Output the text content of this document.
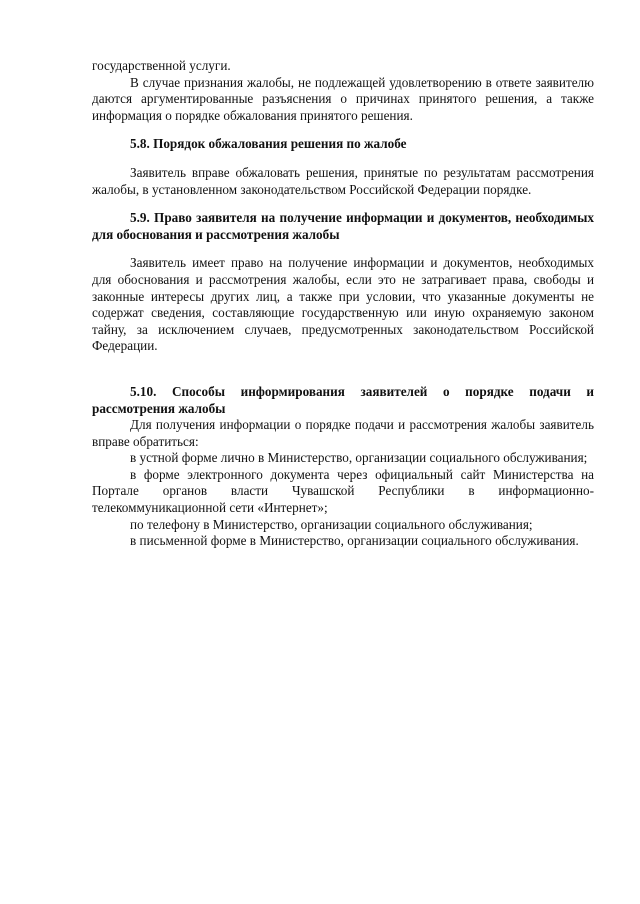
государственной услуги.

В случае признания жалобы, не подлежащей удовлетворению в ответе заявителю даются аргументированные разъяснения о причинах принятого решения, а также информация о порядке обжалования принятого решения.

5.8. Порядок обжалования решения по жалобе

Заявитель вправе обжаловать решения, принятые по результатам рассмотрения жалобы, в установленном законодательством Российской Федерации порядке.

5.9. Право заявителя на получение информации и документов, необходимых для обоснования и рассмотрения жалобы

Заявитель имеет право на получение информации и документов, необходимых для обоснования и рассмотрения жалобы, если это не затрагивает права, свободы и законные интересы других лиц, а также при условии, что указанные документы не содержат сведения, составляющие государственную или иную охраняемую законом тайну, за исключением случаев, предусмотренных законодательством Российской Федерации.

5.10. Способы информирования заявителей о порядке подачи и рассмотрения жалобы

Для получения информации о порядке подачи и рассмотрения жалобы заявитель вправе обратиться:

в устной форме лично в Министерство, организации социального обслуживания;

в форме электронного документа через официальный сайт Министерства на Портале органов власти Чувашской Республики в информационно-телекоммуникационной сети «Интернет»;

по телефону в Министерство, организации социального обслуживания;

в письменной форме в Министерство, организации социального обслуживания.
